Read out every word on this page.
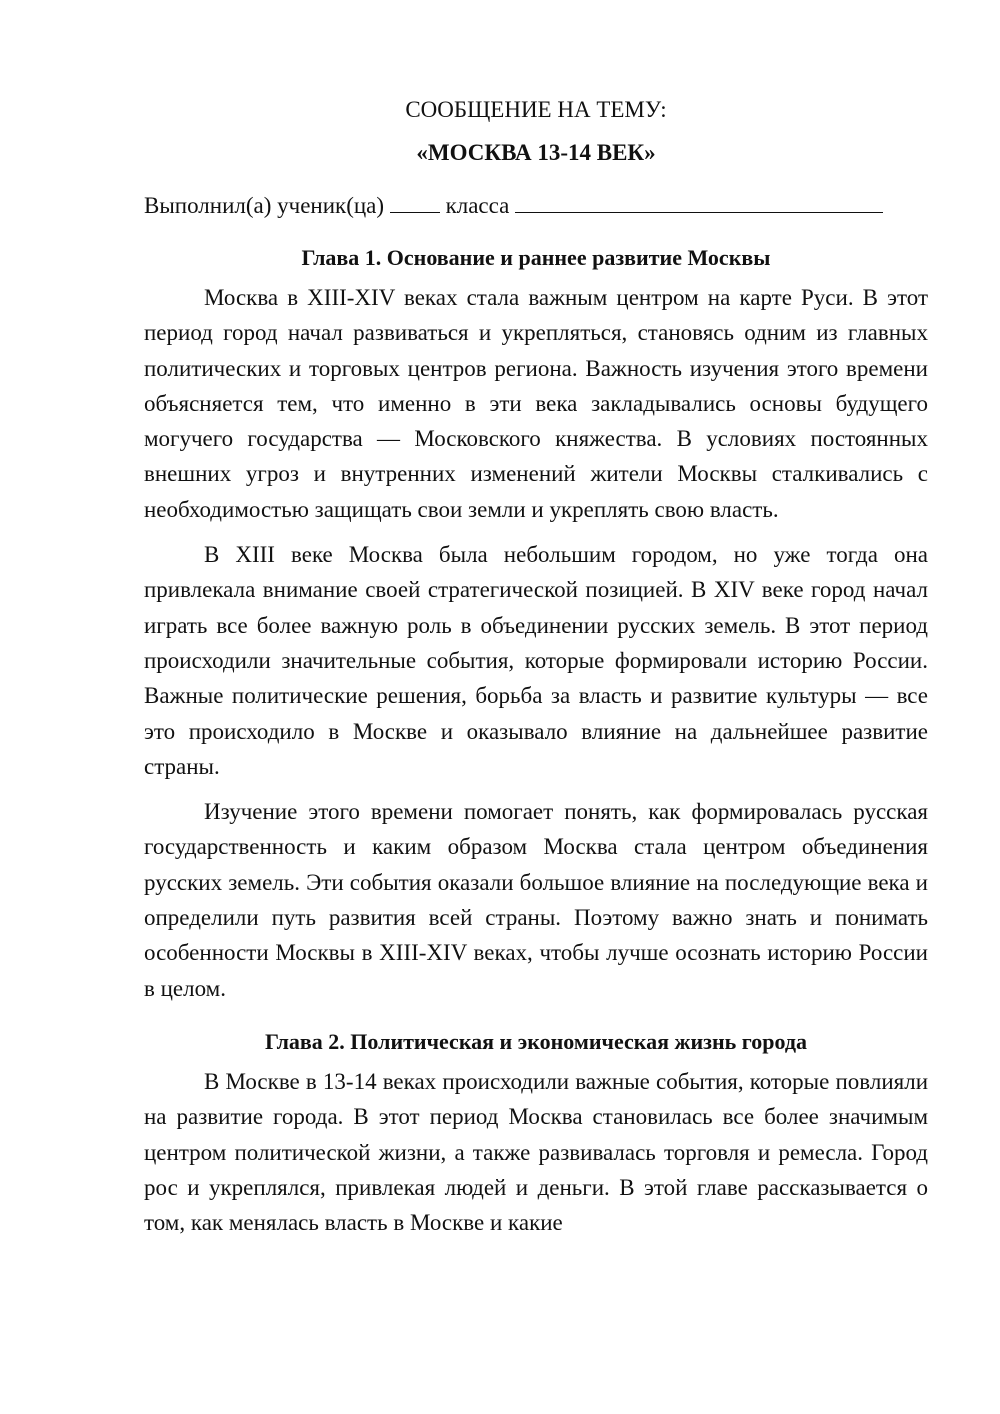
СООБЩЕНИЕ НА ТЕМУ:

«МОСКВА 13-14 ВЕК»

Выполнил(а) ученик(ца)	класса
Глава 1. Основание и раннее развитие Москвы

Москва в XIII-XIV веках стала важным центром на карте Руси. В этот период город начал развиваться и укрепляться, становясь одним из главных политических и торговых центров региона. Важность изучения этого времени объясняется тем, что именно в эти века закладывались основы будущего могучего государства — Московского княжества. В условиях постоянных внешних угроз и внутренних изменений жители Москвы сталкивались с необходимостью защищать свои земли и укреплять свою власть.

В XIII веке Москва была небольшим городом, но уже тогда она привлекала внимание своей стратегической позицией. В XIV веке город начал играть все более важную роль в объединении русских земель. В этот период происходили значительные события, которые формировали историю России. Важные политические решения, борьба за власть и развитие культуры — все это происходило в Москве и оказывало влияние на дальнейшее развитие страны.

Изучение этого времени помогает понять, как формировалась русская государственность и каким образом Москва стала центром объединения русских земель. Эти события оказали большое влияние на последующие века и определили путь развития всей страны. Поэтому важно знать и понимать особенности Москвы в XIII-XIV веках, чтобы лучше осознать историю России в целом.

Глава 2. Политическая и экономическая жизнь города

В Москве в 13-14 веках происходили важные события, которые повлияли на развитие города. В этот период Москва становилась все более значимым центром политической жизни, а также развивалась торговля и ремесла. Город рос и укреплялся, привлекая людей и деньги. В этой главе рассказывается о том, как менялась власть в Москве и какие
